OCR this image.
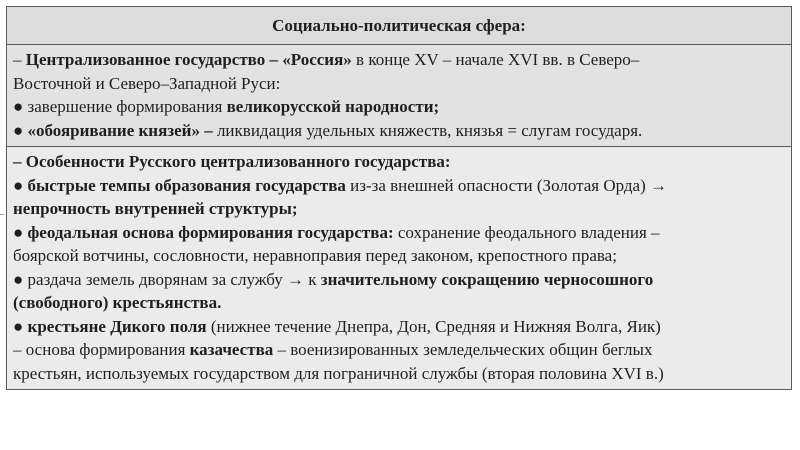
Социально-политическая сфера:
– Централизованное государство – «Россия» в конце XV – начале XVI вв. в Северо–
Восточной и Северо–Западной Руси:
● завершение формирования великорусской народности;
● «обояривание князей» – ликвидация удельных княжеств, князья = слугам государя.
– Особенности Русского централизованного государства:
● быстрые темпы образования государства из-за внешней опасности (Золотая Орда) →
непрочность внутренней структуры;
● феодальная основа формирования государства: сохранение феодального владения –
боярской вотчины, сословности, неравноправия перед законом, крепостного права;
● раздача земель дворянам за службу → к значительному сокращению черносошного
(свободного) крестьянства.
● крестьяне Дикого поля (нижнее течение Днепра, Дон, Средняя и Нижняя Волга, Яик)
– основа формирования казачества – военизированных земледельческих общин беглых
крестьян, используемых государством для пограничной службы (вторая половина XVI в.)
